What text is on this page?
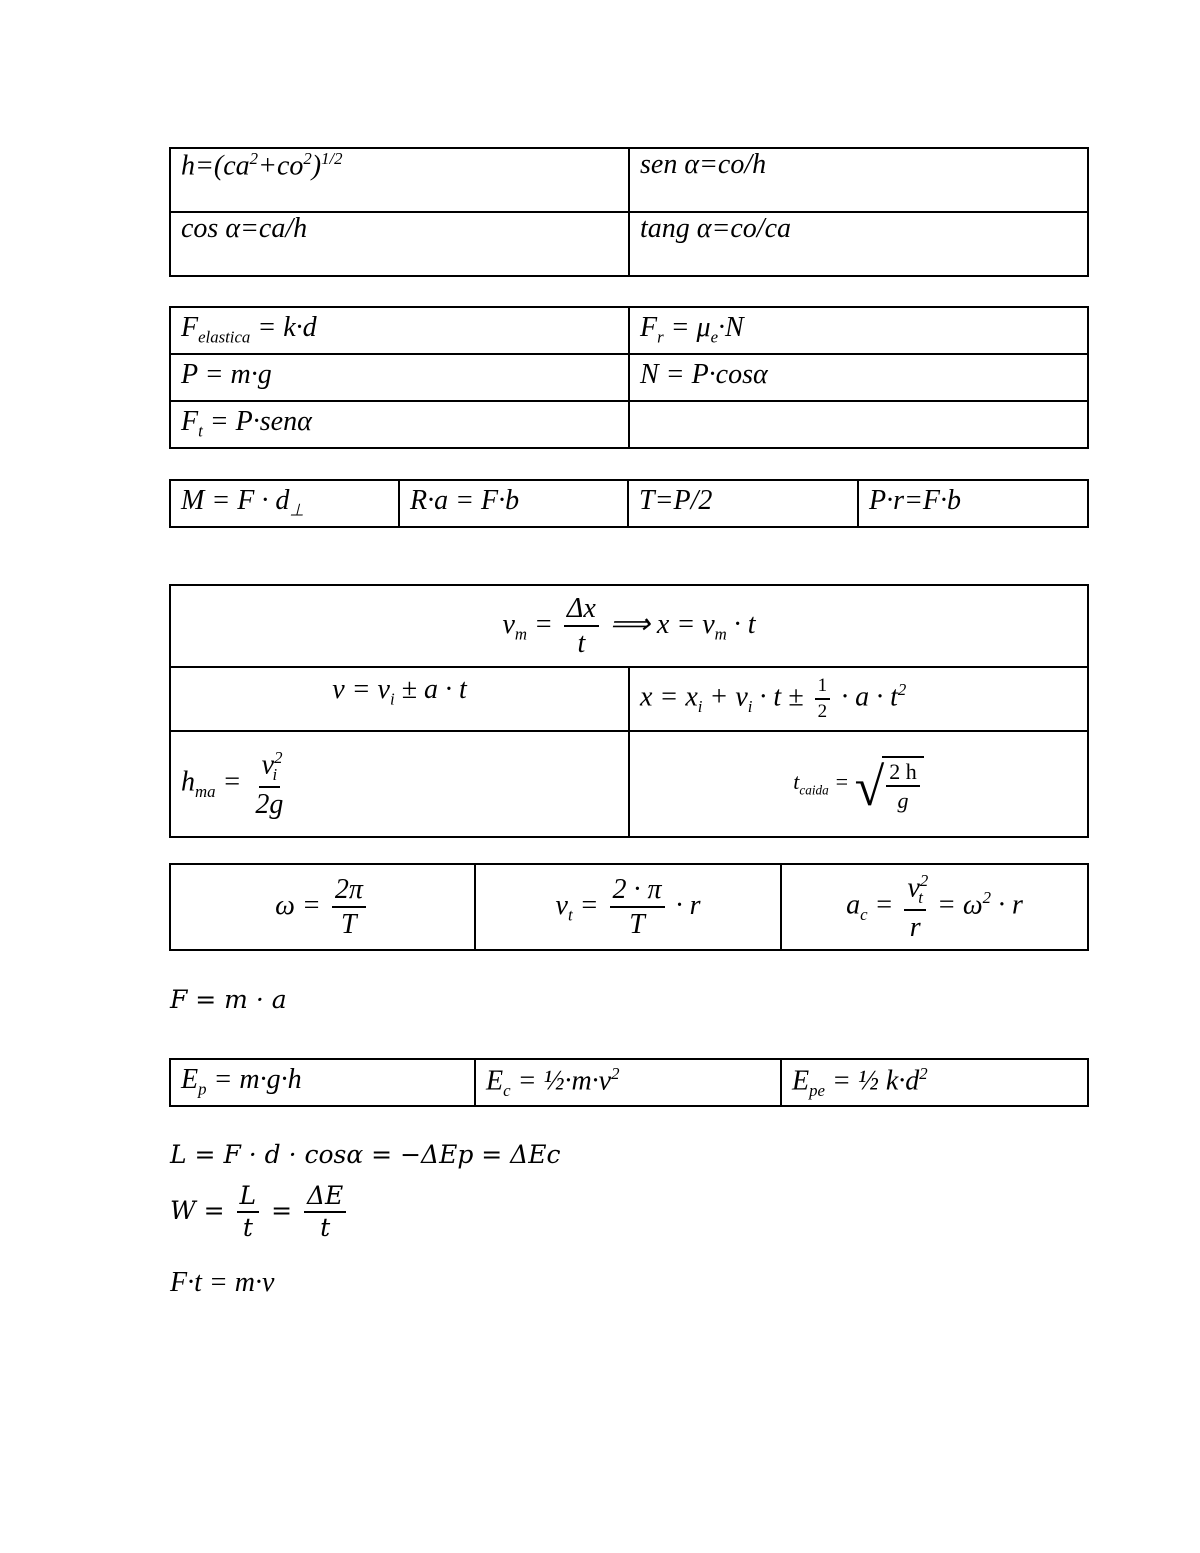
$h=(ca^2+co^2)^{1/2}$	sen α=co/h
cos α=ca/h	tang α=co/ca
$F_{elastica} = k\cdot d$	$F_r = \mu_e\cdot N$
P = m·g	N = P·cosα
$F_t = P\cdot sen\alpha$	
$M = F \cdot d_\perp$	R·a = F·b	T=P/2	P·r=F·b
$v_m = \frac{\Delta x}{t}$ ⟹ $x = v_m \cdot t$	
$v = v_i \pm a \cdot t$	$x = x_i + v_i \cdot t \pm \frac{1}{2} \cdot a \cdot t^2$
$h_{ma} = \frac{v^2_i}{2g}$	$t_{caida}$ = √ $\frac{2 h}{g}$
$\omega = \frac{2\pi}{T}$	$v_t = \frac{2 \cdot \pi}{T} \cdot r$	$a_c = \frac{v^2_t}{r} = \omega^2 \cdot r$
F = m · a
$E_p = m\cdot g\cdot h$	$E_c$ = $\frac{1}{2}\cdot m\cdot v^2$	$E_{pe}$ = ½ $k\cdot d^2$
L = F · d · cosα = −ΔEp = ΔEc
$W = \frac{L}{t} = \frac{\Delta E}{t}$
F·t = m·v
